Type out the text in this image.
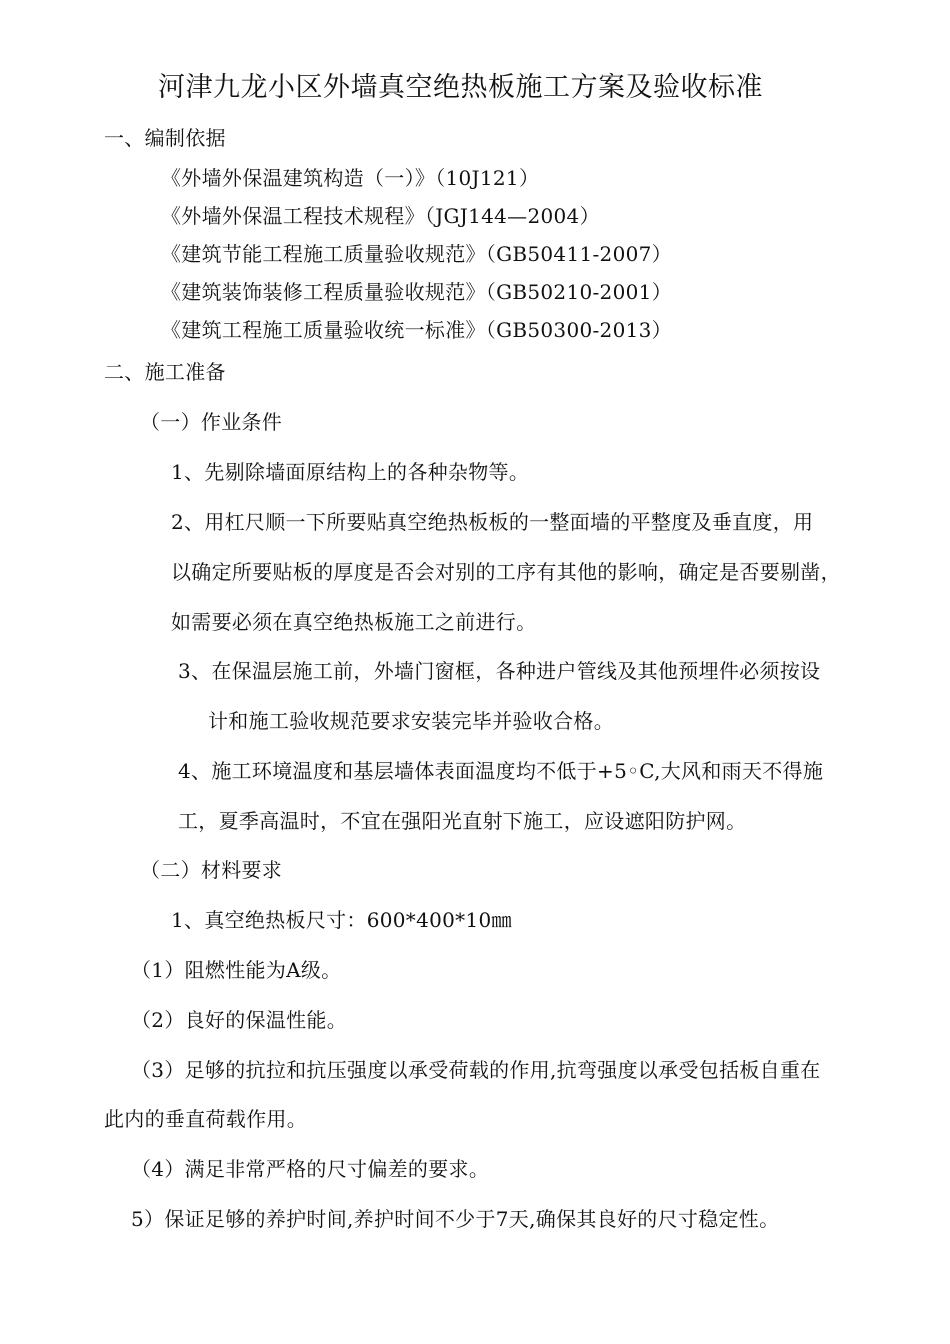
河津九龙小区外墙真空绝热板施工方案及验收标准
一、编制依据
《外墙外保温建筑构造（一）》（10J121）
《外墙外保温工程技术规程》（JGJ144—2004）
《建筑节能工程施工质量验收规范》（GB50411-2007）
《建筑装饰装修工程质量验收规范》（GB50210-2001）
《建筑工程施工质量验收统一标准》（GB50300-2013）
二、施工准备
（一）作业条件
1、先剔除墙面原结构上的各种杂物等。
2、用杠尺顺一下所要贴真空绝热板板的一整面墙的平整度及垂直度，用
以确定所要贴板的厚度是否会对别的工序有其他的影响，确定是否要剔凿，
如需要必须在真空绝热板施工之前进行。
3、在保温层施工前，外墙门窗框，各种进户管线及其他预埋件必须按设
计和施工验收规范要求安装完毕并验收合格。
4、施工环境温度和基层墙体表面温度均不低于+5◦C,大风和雨天不得施
工，夏季高温时，不宜在强阳光直射下施工，应设遮阳防护网。
（二）材料要求
1、真空绝热板尺寸：600*400*10㎜
（1）阻燃性能为A级。
（2）良好的保温性能。
（3）足够的抗拉和抗压强度以承受荷载的作用,抗弯强度以承受包括板自重在
此内的垂直荷载作用。
（4）满足非常严格的尺寸偏差的要求。
5）保证足够的养护时间,养护时间不少于7天,确保其良好的尺寸稳定性。
